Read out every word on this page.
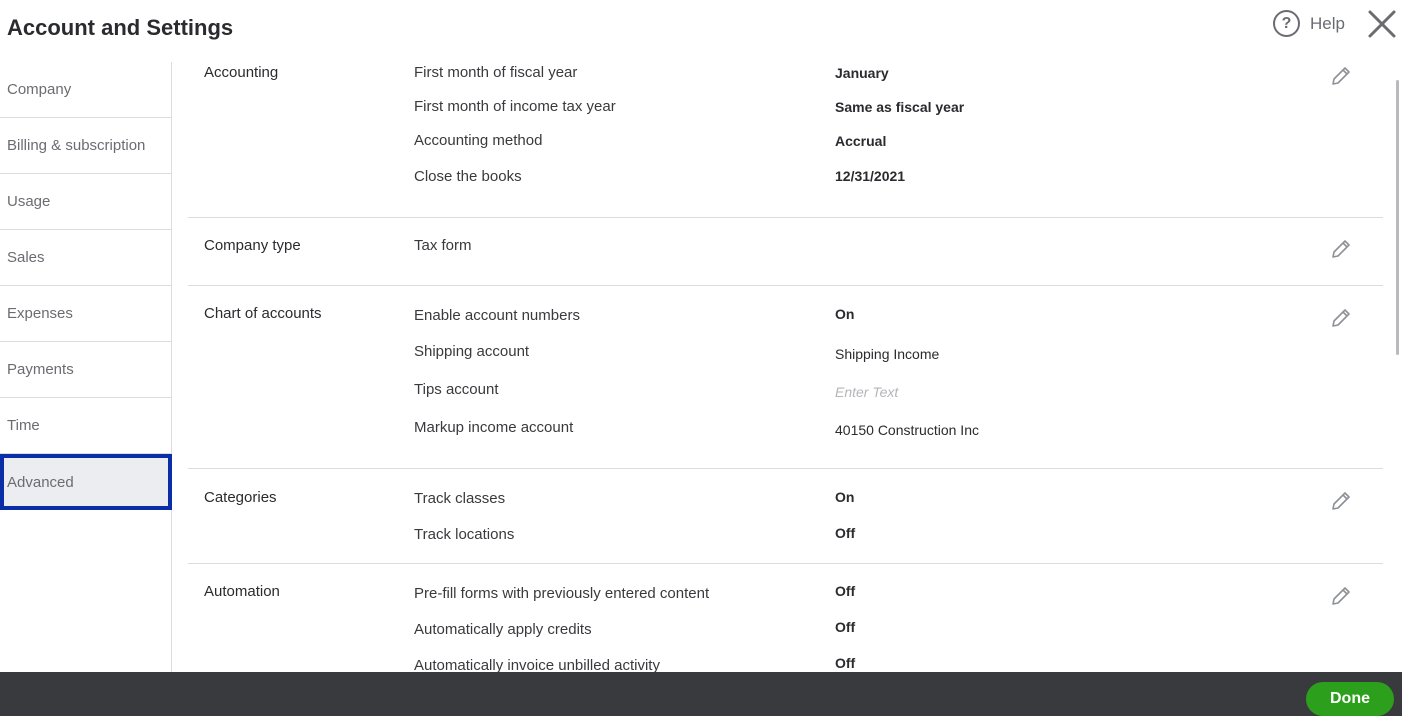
Account and Settings	?	Help
Company
Billing & subscription
Usage
Sales
Expenses
Payments
Time
Advanced
Accounting	First month of fiscal year	January
First month of income tax year	Same as fiscal year
Accounting method	Accrual
Close the books	12/31/2021
Company type	Tax form
Chart of accounts	Enable account numbers	On
Shipping account	Shipping Income
Tips account	Enter Text
Markup income account	40150 Construction Inc
Categories	Track classes	On
Track locations	Off
Automation	Pre-fill forms with previously entered content	Off
Automatically apply credits	Off
Automatically invoice unbilled activity	Off
Done
